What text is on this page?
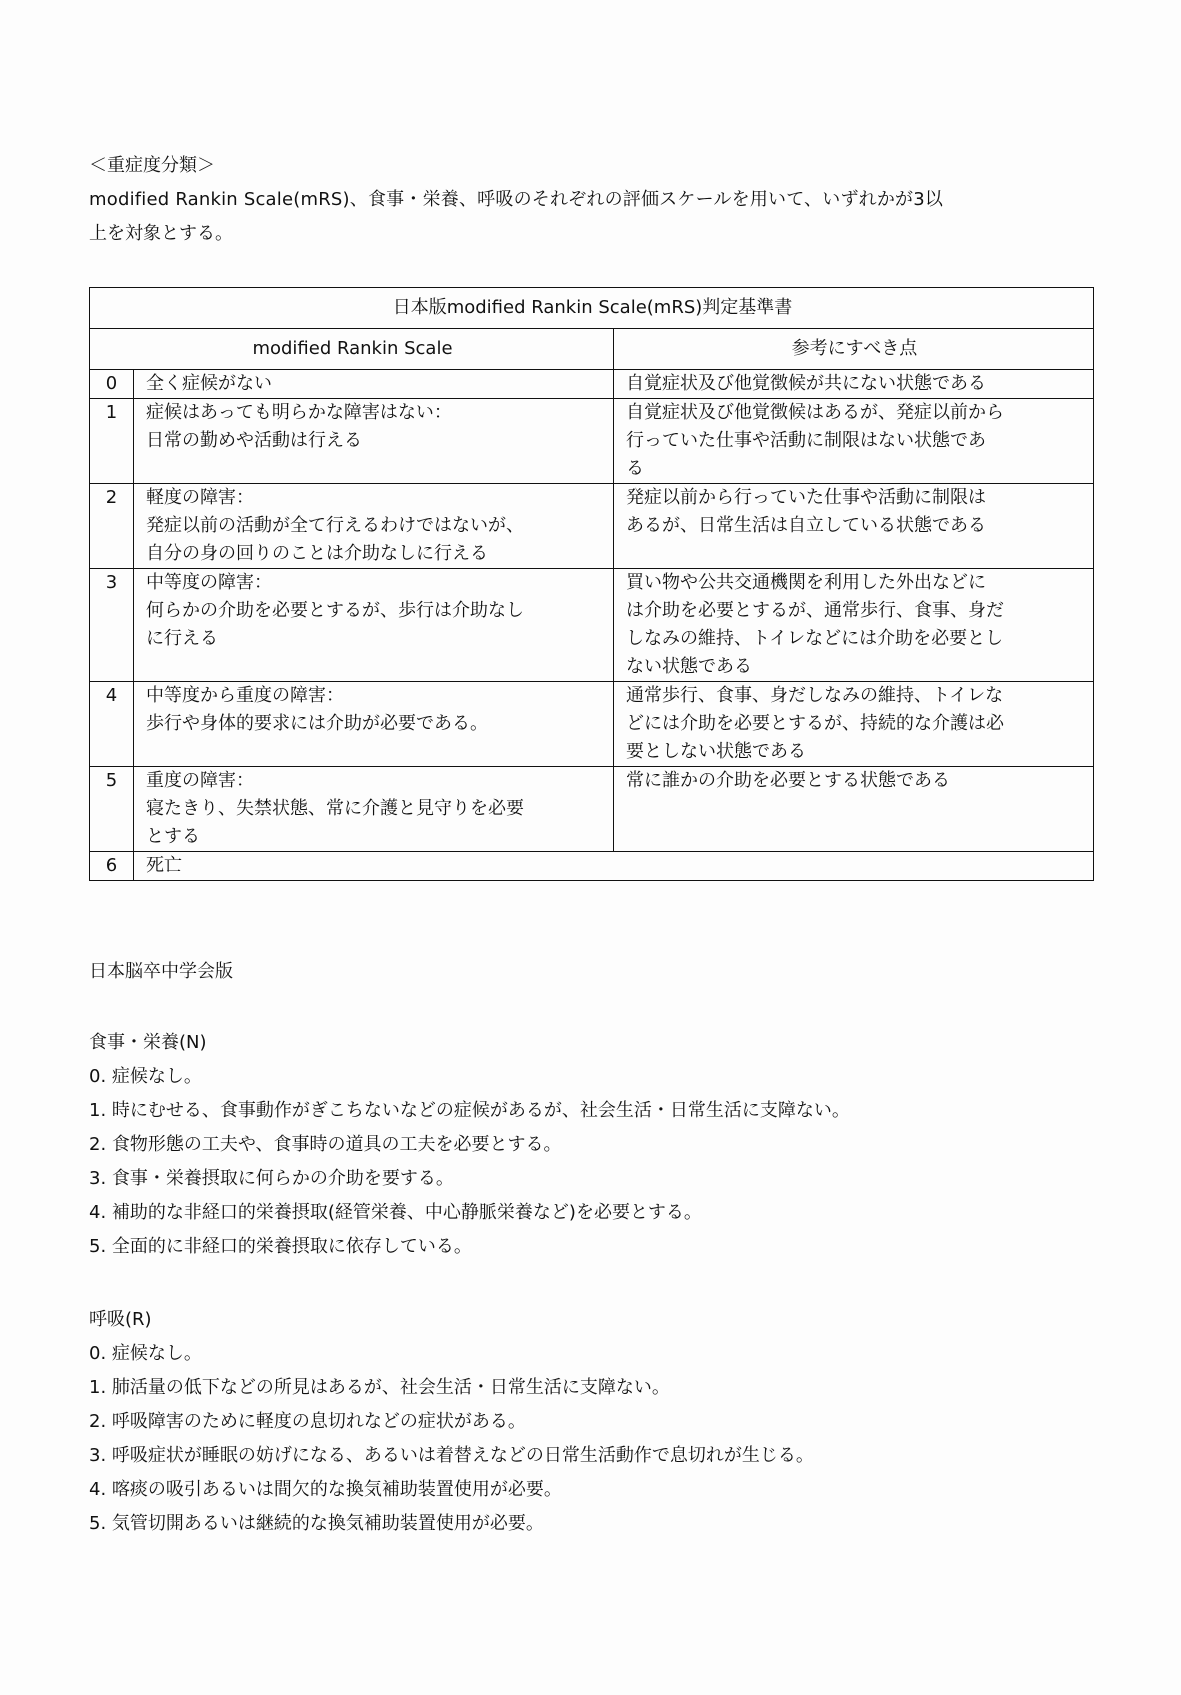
＜重症度分類＞
modified Rankin Scale(mRS)、食事・栄養、呼吸のそれぞれの評価スケールを用いて、いずれかが3以
上を対象とする。
日本版modified Rankin Scale(mRS)判定基準書		
modified Rankin Scale		参考にすべき点
0	全く症候がない	自覚症状及び他覚徴候が共にない状態である

1	症候はあっても明らかな障害はない：
日常の勤めや活動は行える	自覚症状及び他覚徴候はあるが、発症以前から
行っていた仕事や活動に制限はない状態であ
る

2	軽度の障害：
発症以前の活動が全て行えるわけではないが、
自分の身の回りのことは介助なしに行える	発症以前から行っていた仕事や活動に制限は
あるが、日常生活は自立している状態である

3	中等度の障害：
何らかの介助を必要とするが、歩行は介助なし
に行える	買い物や公共交通機関を利用した外出などに
は介助を必要とするが、通常歩行、食事、身だ
しなみの維持、トイレなどには介助を必要とし
ない状態である

4	中等度から重度の障害：
歩行や身体的要求には介助が必要である。	通常歩行、食事、身だしなみの維持、トイレな
どには介助を必要とするが、持続的な介護は必
要としない状態である

5	重度の障害：
寝たきり、失禁状態、常に介護と見守りを必要
とする	常に誰かの介助を必要とする状態である

6	死亡	
日本脳卒中学会版
食事・栄養(N)
0. 症候なし。
1. 時にむせる、食事動作がぎこちないなどの症候があるが、社会生活・日常生活に支障ない。
2. 食物形態の工夫や、食事時の道具の工夫を必要とする。
3. 食事・栄養摂取に何らかの介助を要する。
4. 補助的な非経口的栄養摂取(経管栄養、中心静脈栄養など)を必要とする。
5. 全面的に非経口的栄養摂取に依存している。
呼吸(R)
0. 症候なし。
1. 肺活量の低下などの所見はあるが、社会生活・日常生活に支障ない。
2. 呼吸障害のために軽度の息切れなどの症状がある。
3. 呼吸症状が睡眠の妨げになる、あるいは着替えなどの日常生活動作で息切れが生じる。
4. 喀痰の吸引あるいは間欠的な換気補助装置使用が必要。
5. 気管切開あるいは継続的な換気補助装置使用が必要。
